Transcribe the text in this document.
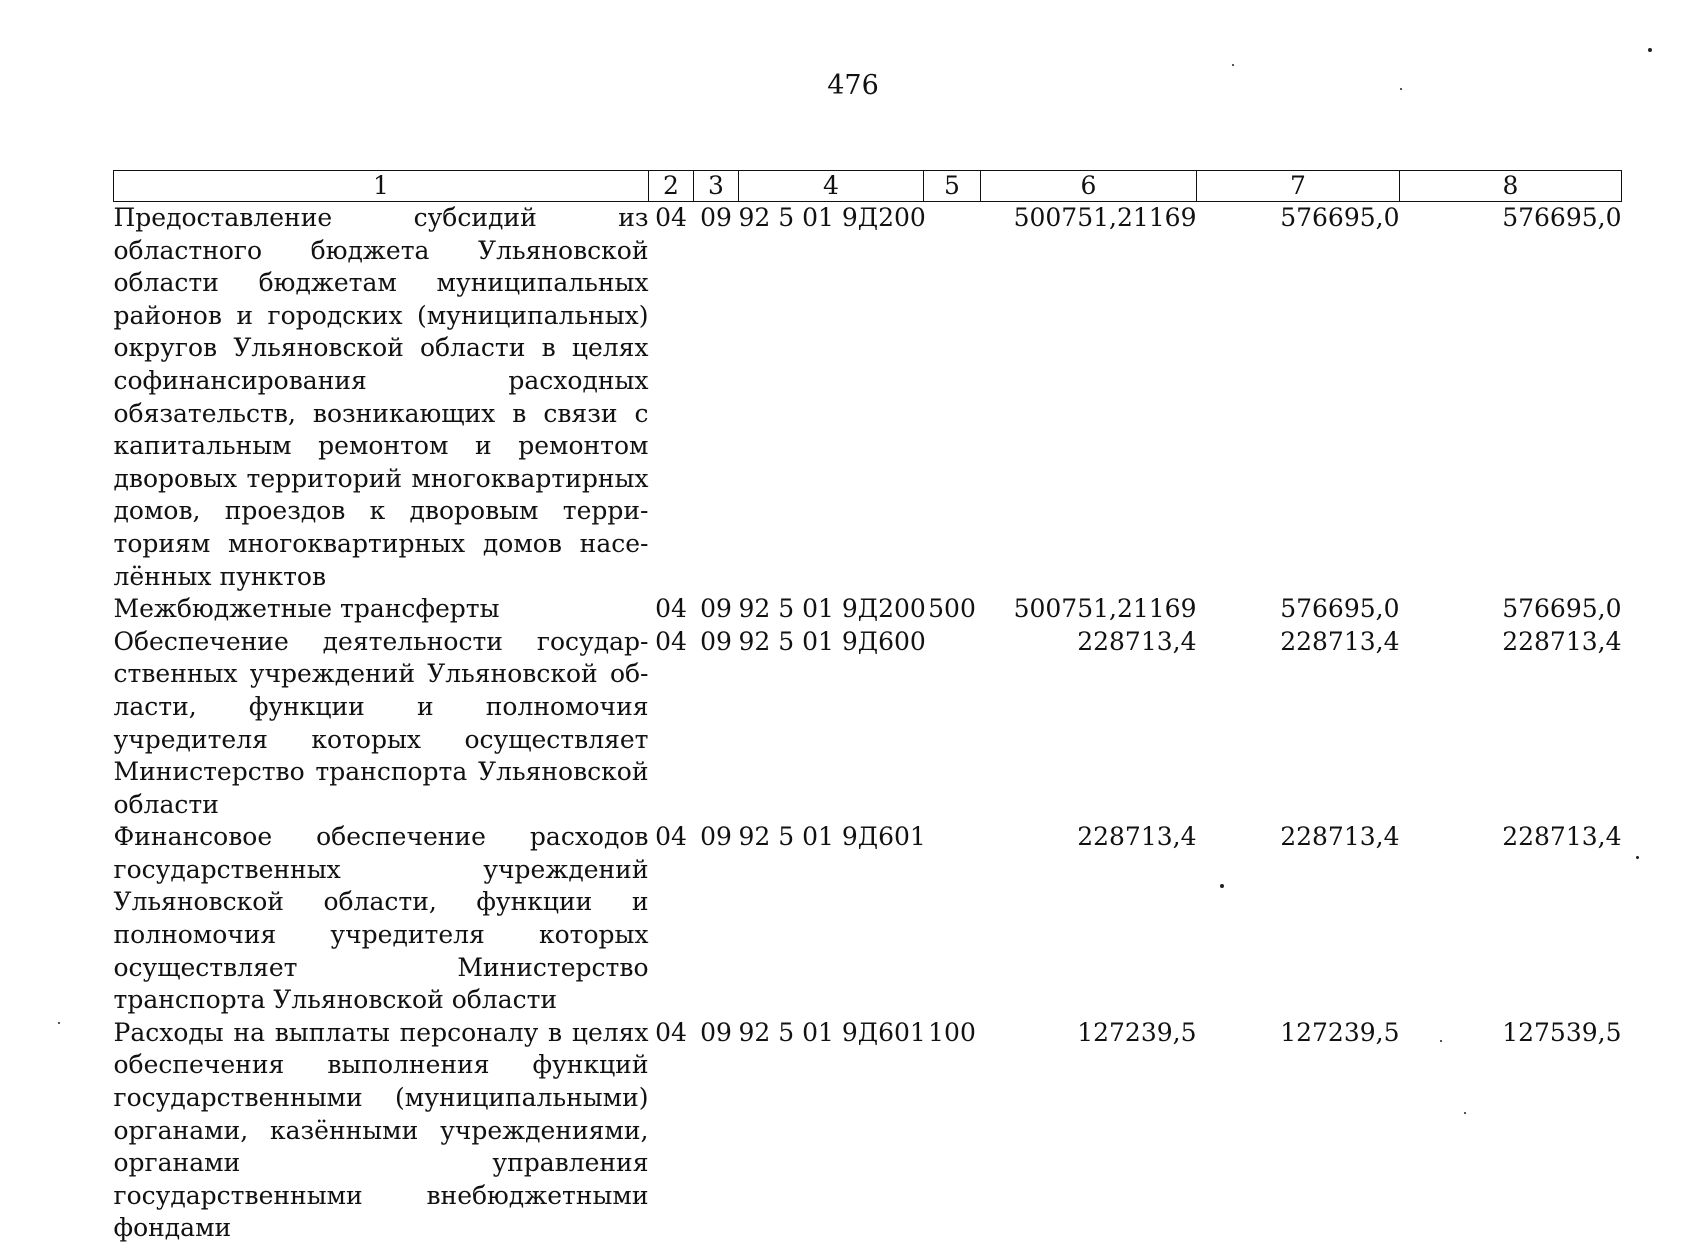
476
1	2	3	4	5	6	7	8
Предоставление субсидий из областного бюджета Ульяновской области бюджетам муниципальных районов и городских (муниципальных) округов Ульяновской области в целях софинансирования расходных обязательств, возникающих в связи с капитальным ремонтом и ремонтом дворовых территорий многоквартирных домов, проездов к дворовым территориям многоквартирных домов населённых пунктов	04	09	92 5 01 9Д200		500751,21169	576695,0	576695,0
Межбюджетные трансферты	04	09	92 5 01 9Д200	500	500751,21169	576695,0	576695,0
Обеспечение деятельности государственных учреждений Ульяновской области, функции и полномочия учредителя которых осуществляет Министерство транспорта Ульяновской области	04	09	92 5 01 9Д600		228713,4	228713,4	228713,4
Финансовое обеспечение расходов государственных учреждений Ульяновской области, функции и полномочия учредителя которых осуществляет Министерство транспорта Ульяновской области	04	09	92 5 01 9Д601		228713,4	228713,4	228713,4
Расходы на выплаты персоналу в целях обеспечения выполнения функций государственными (муниципальными) органами, казёнными учреждениями, органами управления государственными внебюджетными фондами	04	09	92 5 01 9Д601	100	127239,5	127239,5	127539,5
